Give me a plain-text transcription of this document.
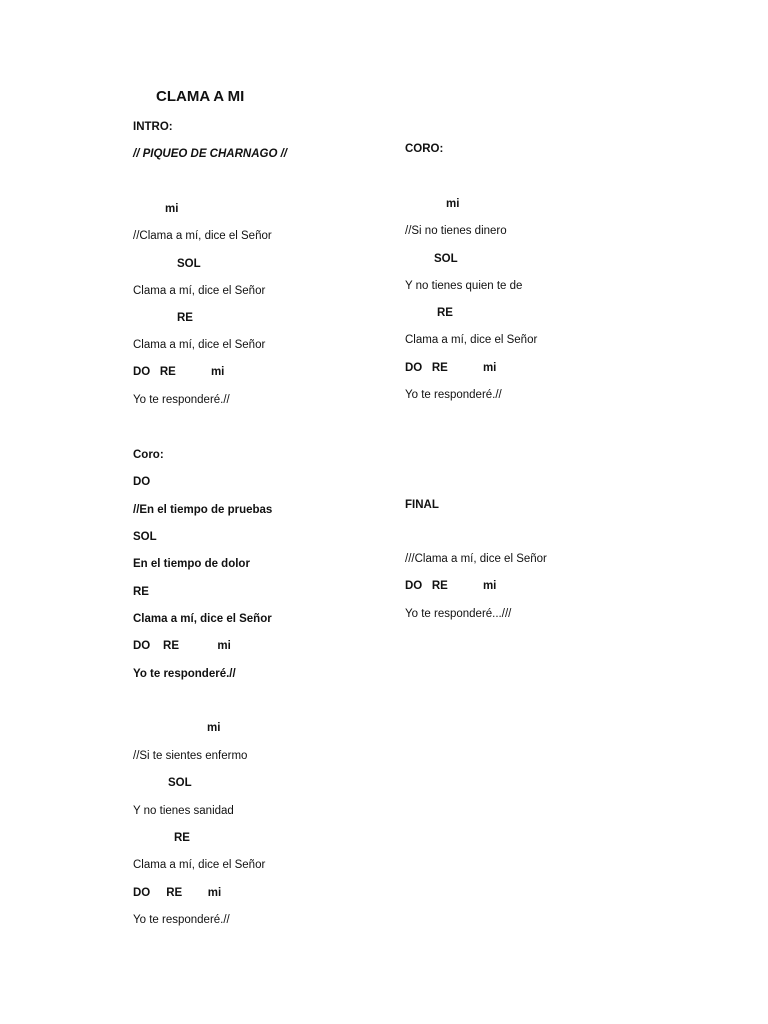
CLAMA A MI
INTRO:
// PIQUEO DE CHARNAGO //
mi
//Clama a mí, dice el Señor
SOL
Clama a mí, dice el Señor
RE
Clama a mí, dice el Señor
DO   RE           mi
Yo te responderé.//
Coro:
DO
//En el tiempo de pruebas
SOL
En el tiempo de dolor
RE
Clama a mí, dice el Señor
DO    RE            mi
Yo te responderé.//
mi
//Si te sientes enfermo
SOL
Y no tienes sanidad
RE
Clama a mí, dice el Señor
DO     RE        mi
Yo te responderé.//
CORO:
mi
//Si no tienes dinero
SOL
Y no tienes quien te de
RE
Clama a mí, dice el Señor
DO   RE           mi
Yo te responderé.//
FINAL
///Clama a mí, dice el Señor
DO   RE           mi
Yo te responderé...///
